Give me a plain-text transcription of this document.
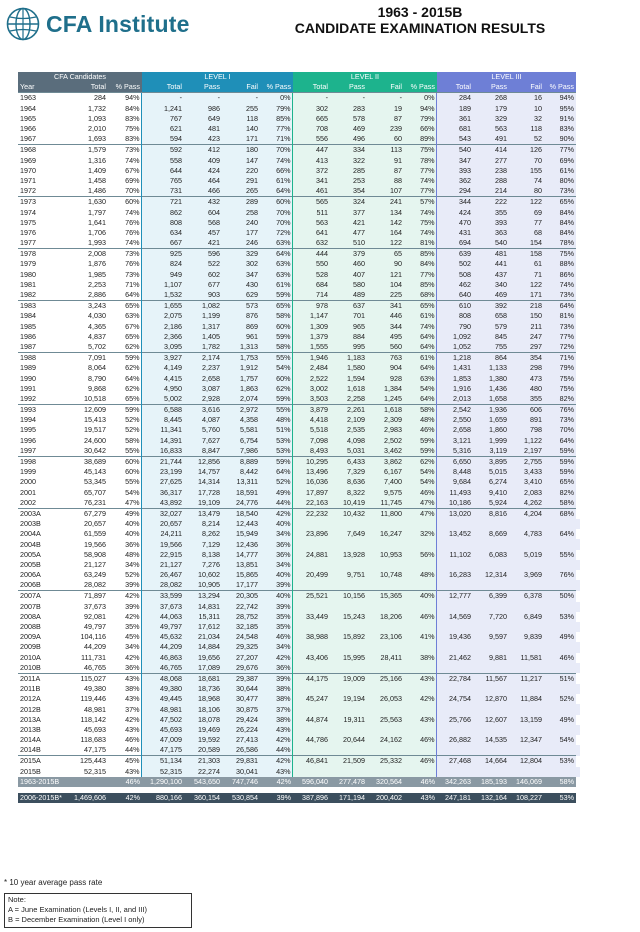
CFA Institute	1963 - 2015B
CANDIDATE EXAMINATION RESULTS
CFA Candidates			LEVEL I				LEVEL II				LEVEL III				
Year	Total	% Pass	Total	Pass	Fail	% Pass	Total	Pass	Fail	% Pass	Total	Pass	Fail	% Pass	
1963	284	94%	-	-	-	0%	-	-	-	0%	284	268	16	94%	
1964	1,732	84%	1,241	986	255	79%	302	283	19	94%	189	179	10	95%	
1965	1,093	83%	767	649	118	85%	665	578	87	79%	361	329	32	91%	
1966	2,010	75%	621	481	140	77%	708	469	239	66%	681	563	118	83%	
1967	1,693	83%	594	423	171	71%	556	496	60	89%	543	491	52	90%	
1968	1,579	73%	592	412	180	70%	447	334	113	75%	540	414	126	77%	
1969	1,316	74%	558	409	147	74%	413	322	91	78%	347	277	70	69%	
1970	1,409	67%	644	424	220	66%	372	285	87	77%	393	238	155	61%	
1971	1,458	69%	765	464	291	61%	341	253	88	74%	362	288	74	80%	
1972	1,486	70%	731	466	265	64%	461	354	107	77%	294	214	80	73%	
1973	1,630	60%	721	432	289	60%	565	324	241	57%	344	222	122	65%	
1974	1,797	74%	862	604	258	70%	511	377	134	74%	424	355	69	84%	
1975	1,641	76%	808	568	240	70%	563	421	142	75%	470	393	77	84%	
1976	1,706	76%	634	457	177	72%	641	477	164	74%	431	363	68	84%	
1977	1,993	74%	667	421	246	63%	632	510	122	81%	694	540	154	78%	
1978	2,008	73%	925	596	329	64%	444	379	65	85%	639	481	158	75%	
1979	1,876	76%	824	522	302	63%	550	460	90	84%	502	441	61	88%	
1980	1,985	73%	949	602	347	63%	528	407	121	77%	508	437	71	86%	
1981	2,253	71%	1,107	677	430	61%	684	580	104	85%	462	340	122	74%	
1982	2,886	64%	1,532	903	629	59%	714	489	225	68%	640	469	171	73%	
1983	3,243	65%	1,655	1,082	573	65%	978	637	341	65%	610	392	218	64%	
1984	4,030	63%	2,075	1,199	876	58%	1,147	701	446	61%	808	658	150	81%	
1985	4,365	67%	2,186	1,317	869	60%	1,309	965	344	74%	790	579	211	73%	
1986	4,837	65%	2,366	1,405	961	59%	1,379	884	495	64%	1,092	845	247	77%	
1987	5,702	62%	3,095	1,782	1,313	58%	1,555	995	560	64%	1,052	755	297	72%	
1988	7,091	59%	3,927	2,174	1,753	55%	1,946	1,183	763	61%	1,218	864	354	71%	
1989	8,064	62%	4,149	2,237	1,912	54%	2,484	1,580	904	64%	1,431	1,133	298	79%	
1990	8,790	64%	4,415	2,658	1,757	60%	2,522	1,594	928	63%	1,853	1,380	473	75%	
1991	9,868	62%	4,950	3,087	1,863	62%	3,002	1,618	1,384	54%	1,916	1,436	480	75%	
1992	10,518	65%	5,002	2,928	2,074	59%	3,503	2,258	1,245	64%	2,013	1,658	355	82%	
1993	12,609	59%	6,588	3,616	2,972	55%	3,879	2,261	1,618	58%	2,542	1,936	606	76%	
1994	15,413	52%	8,445	4,087	4,358	48%	4,418	2,109	2,309	48%	2,550	1,659	891	73%	
1995	19,517	52%	11,341	5,760	5,581	51%	5,518	2,535	2,983	46%	2,658	1,860	798	70%	
1996	24,600	58%	14,391	7,627	6,754	53%	7,098	4,098	2,502	59%	3,121	1,999	1,122	64%	
1997	30,642	55%	16,833	8,847	7,986	53%	8,493	5,031	3,462	59%	5,316	3,119	2,197	59%	
1998	38,689	60%	21,744	12,856	8,889	59%	10,295	6,433	3,862	62%	6,650	3,895	2,755	59%	
1999	45,143	60%	23,199	14,757	8,442	64%	13,496	7,329	6,167	54%	8,448	5,015	3,433	59%	
2000	53,345	55%	27,625	14,314	13,311	52%	16,036	8,636	7,400	54%	9,684	6,274	3,410	65%	
2001	65,707	54%	36,317	17,728	18,591	49%	17,897	8,322	9,575	46%	11,493	9,410	2,083	82%	
2002	76,231	47%	43,892	19,109	24,776	44%	22,163	10,419	11,745	47%	10,186	5,924	4,262	58%	
2003A	67,279	49%	32,027	13,479	18,540	42%	22,232	10,432	11,800	47%	13,020	8,816	4,204	68%	
2003B	20,657	40%	20,657	8,214	12,443	40%									
2004A	61,559	40%	24,211	8,262	15,949	34%	23,896	7,649	16,247	32%	13,452	8,669	4,783	64%	
2004B	19,566	36%	19,566	7,129	12,436	36%									
2005A	58,908	48%	22,915	8,138	14,777	36%	24,881	13,928	10,953	56%	11,102	6,083	5,019	55%	
2005B	21,127	34%	21,127	7,276	13,851	34%									
2006A	63,249	52%	26,467	10,602	15,865	40%	20,499	9,751	10,748	48%	16,283	12,314	3,969	76%	
2006B	28,082	39%	28,082	10,905	17,177	39%									
2007A	71,897	42%	33,599	13,294	20,305	40%	25,521	10,156	15,365	40%	12,777	6,399	6,378	50%	
2007B	37,673	39%	37,673	14,831	22,742	39%									
2008A	92,081	42%	44,063	15,311	28,752	35%	33,449	15,243	18,206	46%	14,569	7,720	6,849	53%	
2008B	49,797	35%	49,797	17,612	32,185	35%									
2009A	104,116	45%	45,632	21,034	24,548	46%	38,988	15,892	23,106	41%	19,436	9,597	9,839	49%	
2009B	44,209	34%	44,209	14,884	29,325	34%									
2010A	111,731	42%	46,863	19,656	27,207	42%	43,406	15,995	28,411	38%	21,462	9,881	11,581	46%	
2010B	46,765	36%	46,765	17,089	29,676	36%									
2011A	115,027	43%	48,068	18,681	29,387	39%	44,175	19,009	25,166	43%	22,784	11,567	11,217	51%	
2011B	49,380	38%	49,380	18,736	30,644	38%									
2012A	119,446	43%	49,445	18,968	30,477	38%	45,247	19,194	26,053	42%	24,754	12,870	11,884	52%	
2012B	48,981	37%	48,981	18,106	30,875	37%									
2013A	118,142	42%	47,502	18,078	29,424	38%	44,874	19,311	25,563	43%	25,766	12,607	13,159	49%	
2013B	45,693	43%	45,693	19,469	26,224	43%									
2014A	118,683	46%	47,009	19,592	27,413	42%	44,786	20,644	24,162	46%	26,882	14,535	12,347	54%	
2014B	47,175	44%	47,175	20,589	26,586	44%									
2015A	125,443	45%	51,134	21,303	29,831	42%	46,841	21,509	25,332	46%	27,468	14,664	12,804	53%	
2015B	52,315	43%	52,315	22,274	30,041	43%									
1963-2015B		46%	1,290,100	543,650	747,746	42%	596,040	277,478	320,564	46%	342,263	185,193	146,069	58%	

2006-2015B*	1,469,606	42%	880,166	360,154	530,854	39%	387,896	171,194	200,402	43%	247,181	132,164	108,227	53%	
* 10 year average pass rate
Note:
A = June Examination (Levels I, II, and III)
B = December Examination (Level I only)
